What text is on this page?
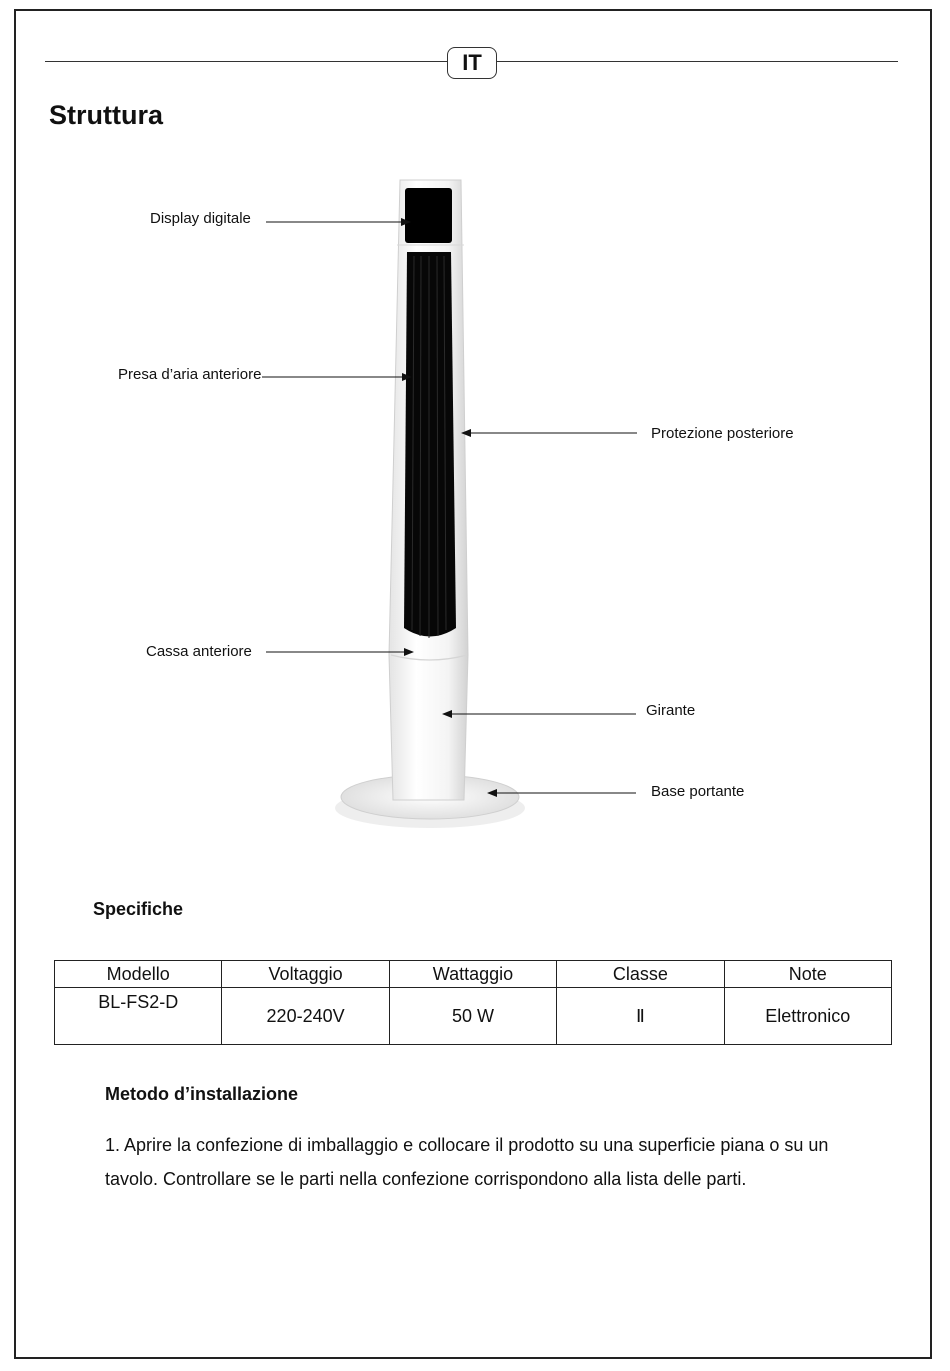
IT
Struttura
Display digitale
Presa d’aria anteriore
Protezione posteriore
Cassa anteriore
Girante
Base portante
Specifiche
Modello	Voltaggio	Wattaggio	Classe	Note
BL-FS2-D	220-240V	50 W	Ⅱ	Elettronico
Metodo d’installazione
1. Aprire la confezione di imballaggio e collocare il prodotto su una superficie piana o su un tavolo. Controllare se le parti nella confezione corrispondono alla lista delle parti.
